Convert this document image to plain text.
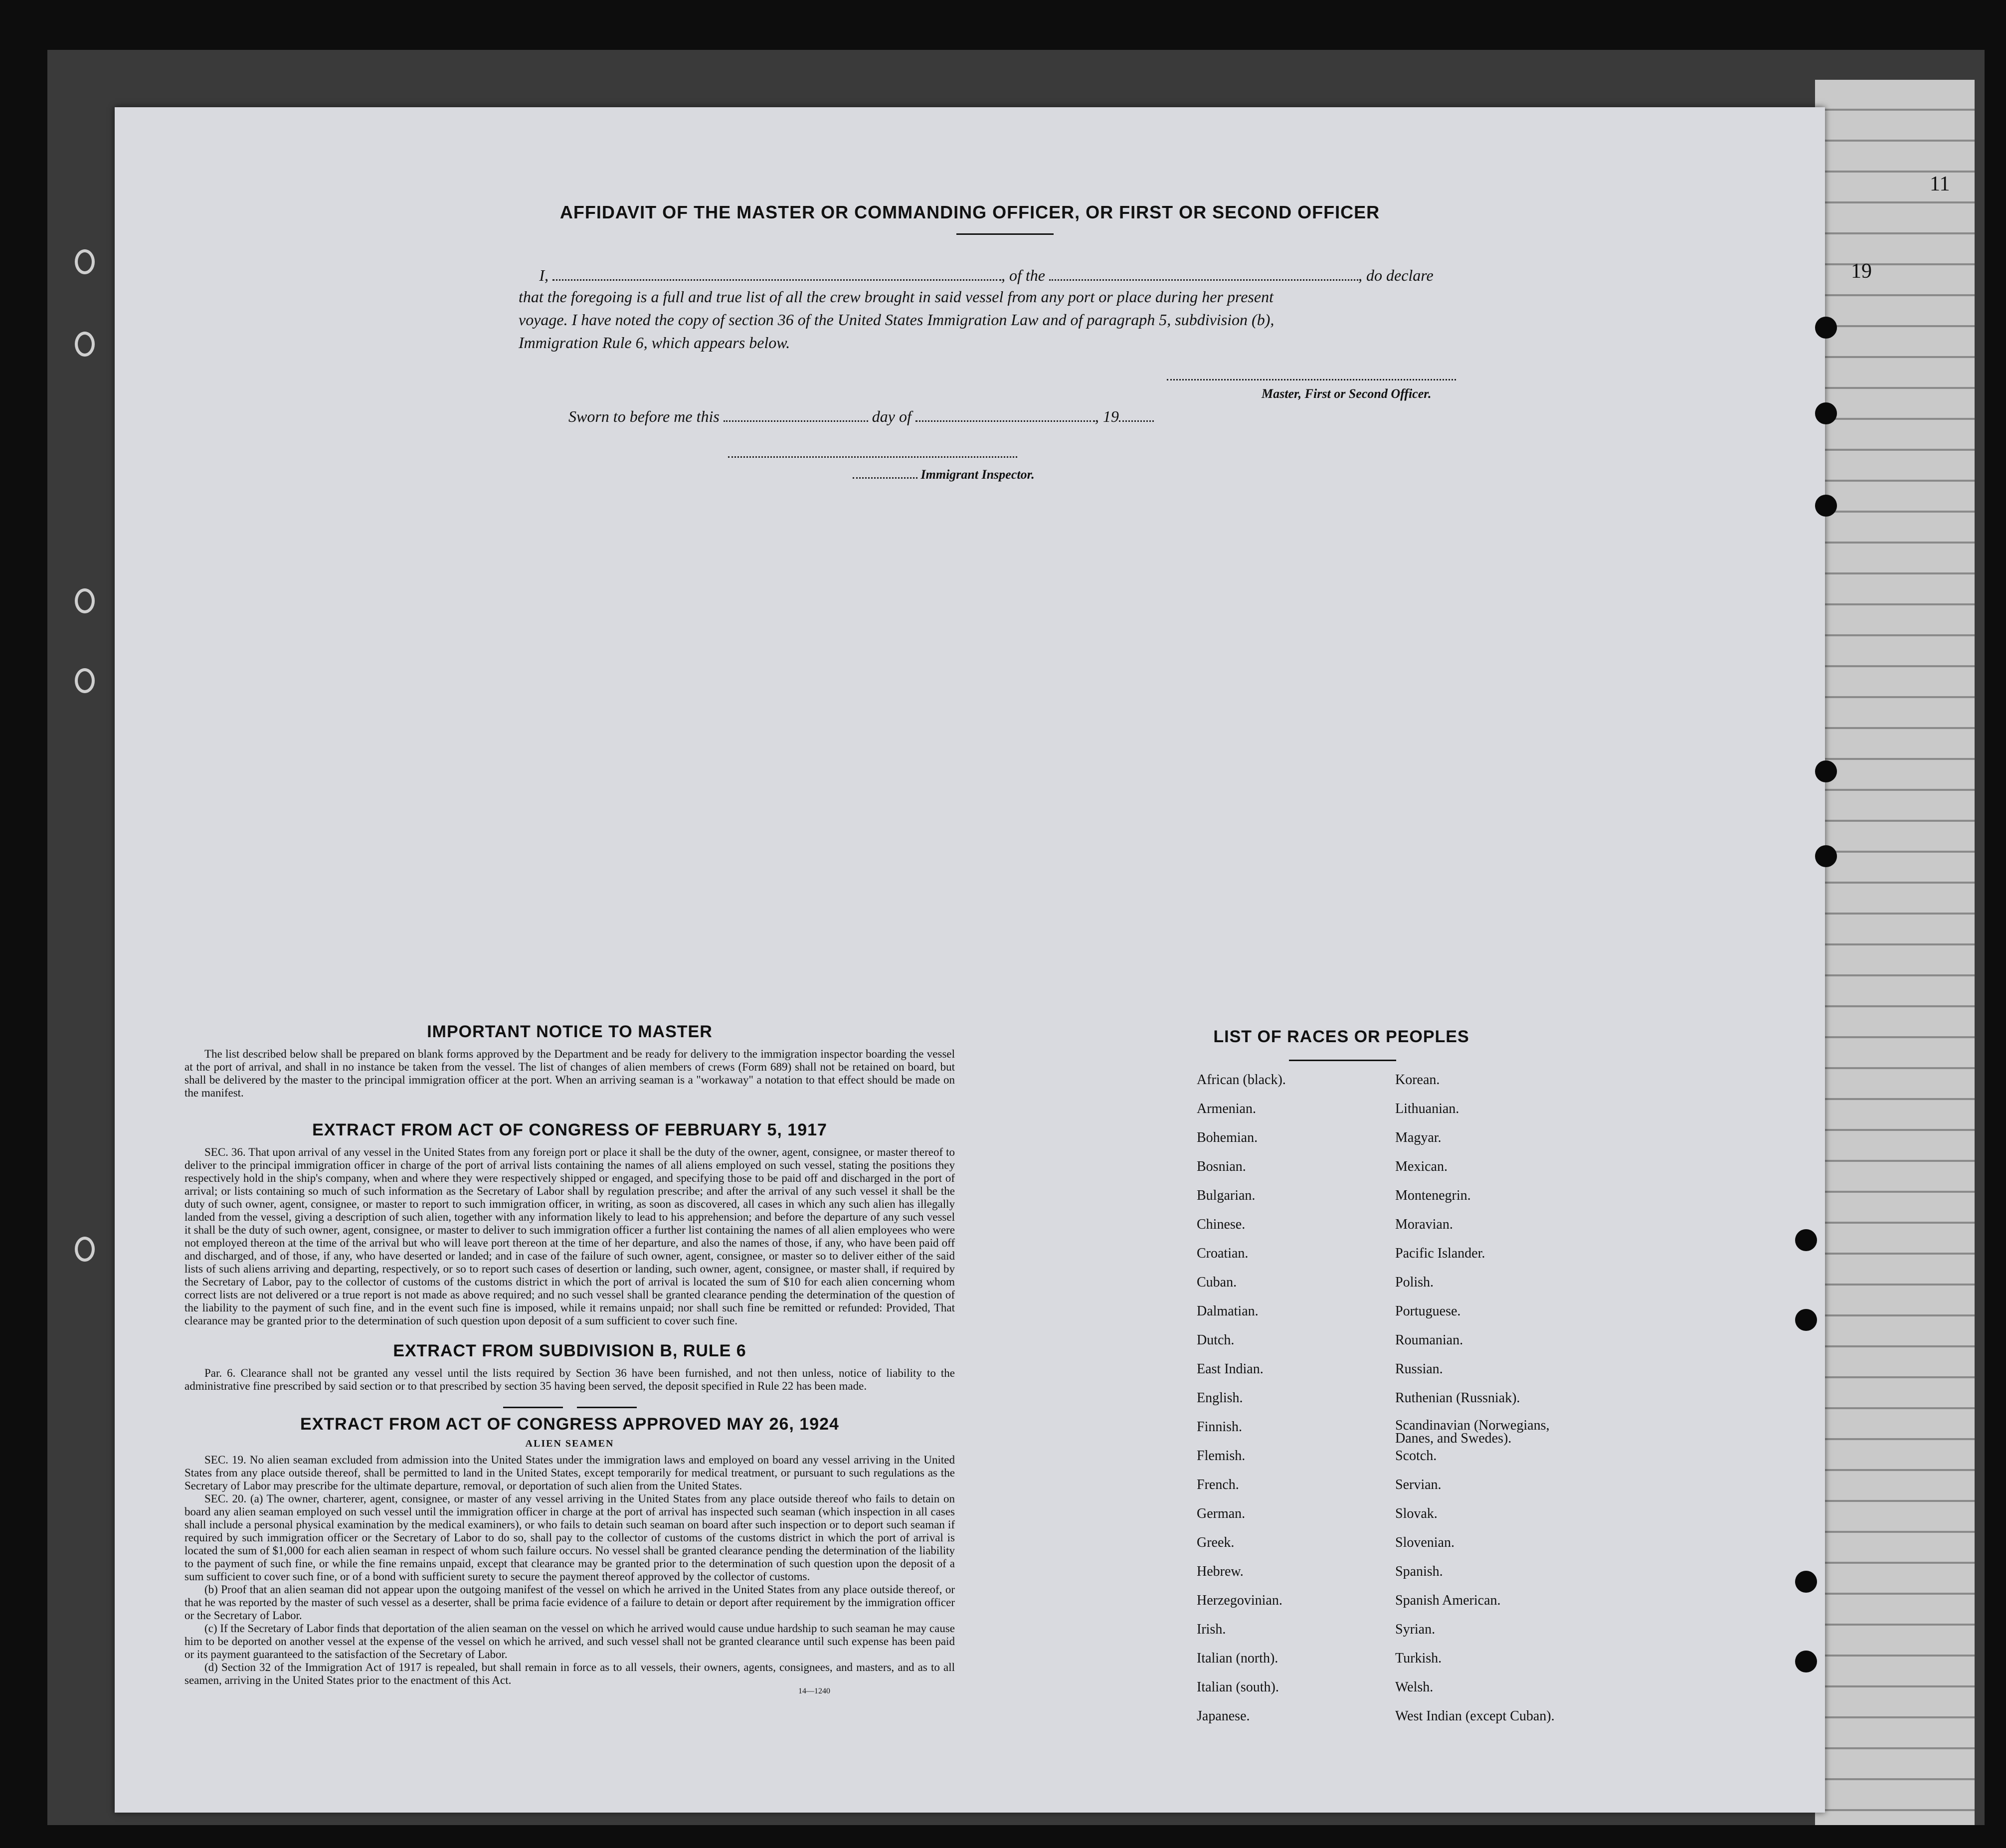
11
19
AFFIDAVIT OF THE MASTER OR COMMANDING OFFICER, OR FIRST OR SECOND OFFICER
I,	, of the	, do declare
that the foregoing is a full and true list of all the crew brought in said vessel from any port or place during her present
voyage. I have noted the copy of section 36 of the United States Immigration Law and of paragraph 5, subdivision (b),
Immigration Rule 6, which appears below.
Master, First or Second Officer.
Sworn to before me this	day of	, 19
Immigrant Inspector.
IMPORTANT NOTICE TO MASTER
The list described below shall be prepared on blank forms approved by the Department and be ready for delivery to the immigration inspector boarding the vessel at the port of arrival, and shall in no instance be taken from the vessel. The list of changes of alien members of crews (Form 689) shall not be retained on board, but shall be delivered by the master to the principal immigration officer at the port. When an arriving seaman is a "workaway" a notation to that effect should be made on the manifest.
EXTRACT FROM ACT OF CONGRESS OF FEBRUARY 5, 1917
SEC. 36. That upon arrival of any vessel in the United States from any foreign port or place it shall be the duty of the owner, agent, consignee, or master thereof to deliver to the principal immigration officer in charge of the port of arrival lists containing the names of all aliens employed on such vessel, stating the positions they respectively hold in the ship's company, when and where they were respectively shipped or engaged, and specifying those to be paid off and discharged in the port of arrival; or lists containing so much of such information as the Secretary of Labor shall by regulation prescribe; and after the arrival of any such vessel it shall be the duty of such owner, agent, consignee, or master to report to such immigration officer, in writing, as soon as discovered, all cases in which any such alien has illegally landed from the vessel, giving a description of such alien, together with any information likely to lead to his apprehension; and before the departure of any such vessel it shall be the duty of such owner, agent, consignee, or master to deliver to such immigration officer a further list containing the names of all alien employees who were not employed thereon at the time of the arrival but who will leave port thereon at the time of her departure, and also the names of those, if any, who have been paid off and discharged, and of those, if any, who have deserted or landed; and in case of the failure of such owner, agent, consignee, or master so to deliver either of the said lists of such aliens arriving and departing, respectively, or so to report such cases of desertion or landing, such owner, agent, consignee, or master shall, if required by the Secretary of Labor, pay to the collector of customs of the customs district in which the port of arrival is located the sum of $10 for each alien concerning whom correct lists are not delivered or a true report is not made as above required; and no such vessel shall be granted clearance pending the determination of the question of the liability to the payment of such fine, and in the event such fine is imposed, while it remains unpaid; nor shall such fine be remitted or refunded: Provided, That clearance may be granted prior to the determination of such question upon deposit of a sum sufficient to cover such fine.
EXTRACT FROM SUBDIVISION B, RULE 6
Par. 6. Clearance shall not be granted any vessel until the lists required by Section 36 have been furnished, and not then unless, notice of liability to the administrative fine prescribed by said section or to that prescribed by section 35 having been served, the deposit specified in Rule 22 has been made.
EXTRACT FROM ACT OF CONGRESS APPROVED MAY 26, 1924
ALIEN SEAMEN
SEC. 19. No alien seaman excluded from admission into the United States under the immigration laws and employed on board any vessel arriving in the United States from any place outside thereof, shall be permitted to land in the United States, except temporarily for medical treatment, or pursuant to such regulations as the Secretary of Labor may prescribe for the ultimate departure, removal, or deportation of such alien from the United States.
SEC. 20. (a) The owner, charterer, agent, consignee, or master of any vessel arriving in the United States from any place outside thereof who fails to detain on board any alien seaman employed on such vessel until the immigration officer in charge at the port of arrival has inspected such seaman (which inspection in all cases shall include a personal physical examination by the medical examiners), or who fails to detain such seaman on board after such inspection or to deport such seaman if required by such immigration officer or the Secretary of Labor to do so, shall pay to the collector of customs of the customs district in which the port of arrival is located the sum of $1,000 for each alien seaman in respect of whom such failure occurs. No vessel shall be granted clearance pending the determination of the liability to the payment of such fine, or while the fine remains unpaid, except that clearance may be granted prior to the determination of such question upon the deposit of a sum sufficient to cover such fine, or of a bond with sufficient surety to secure the payment thereof approved by the collector of customs.
(b) Proof that an alien seaman did not appear upon the outgoing manifest of the vessel on which he arrived in the United States from any place outside thereof, or that he was reported by the master of such vessel as a deserter, shall be prima facie evidence of a failure to detain or deport after requirement by the immigration officer or the Secretary of Labor.
(c) If the Secretary of Labor finds that deportation of the alien seaman on the vessel on which he arrived would cause undue hardship to such seaman he may cause him to be deported on another vessel at the expense of the vessel on which he arrived, and such vessel shall not be granted clearance until such expense has been paid or its payment guaranteed to the satisfaction of the Secretary of Labor.
(d) Section 32 of the Immigration Act of 1917 is repealed, but shall remain in force as to all vessels, their owners, agents, consignees, and masters, and as to all seamen, arriving in the United States prior to the enactment of this Act.
14—1240
LIST OF RACES OR PEOPLES
African (black).
Armenian.
Bohemian.
Bosnian.
Bulgarian.
Chinese.
Croatian.
Cuban.
Dalmatian.
Dutch.
East Indian.
English.
Finnish.
Flemish.
French.
German.
Greek.
Hebrew.
Herzegovinian.
Irish.
Italian (north).
Italian (south).
Japanese.
Korean.
Lithuanian.
Magyar.
Mexican.
Montenegrin.
Moravian.
Pacific Islander.
Polish.
Portuguese.
Roumanian.
Russian.
Ruthenian (Russniak).
Scandinavian (Norwegians, Danes, and Swedes).
Scotch.
Servian.
Slovak.
Slovenian.
Spanish.
Spanish American.
Syrian.
Turkish.
Welsh.
West Indian (except Cuban).
